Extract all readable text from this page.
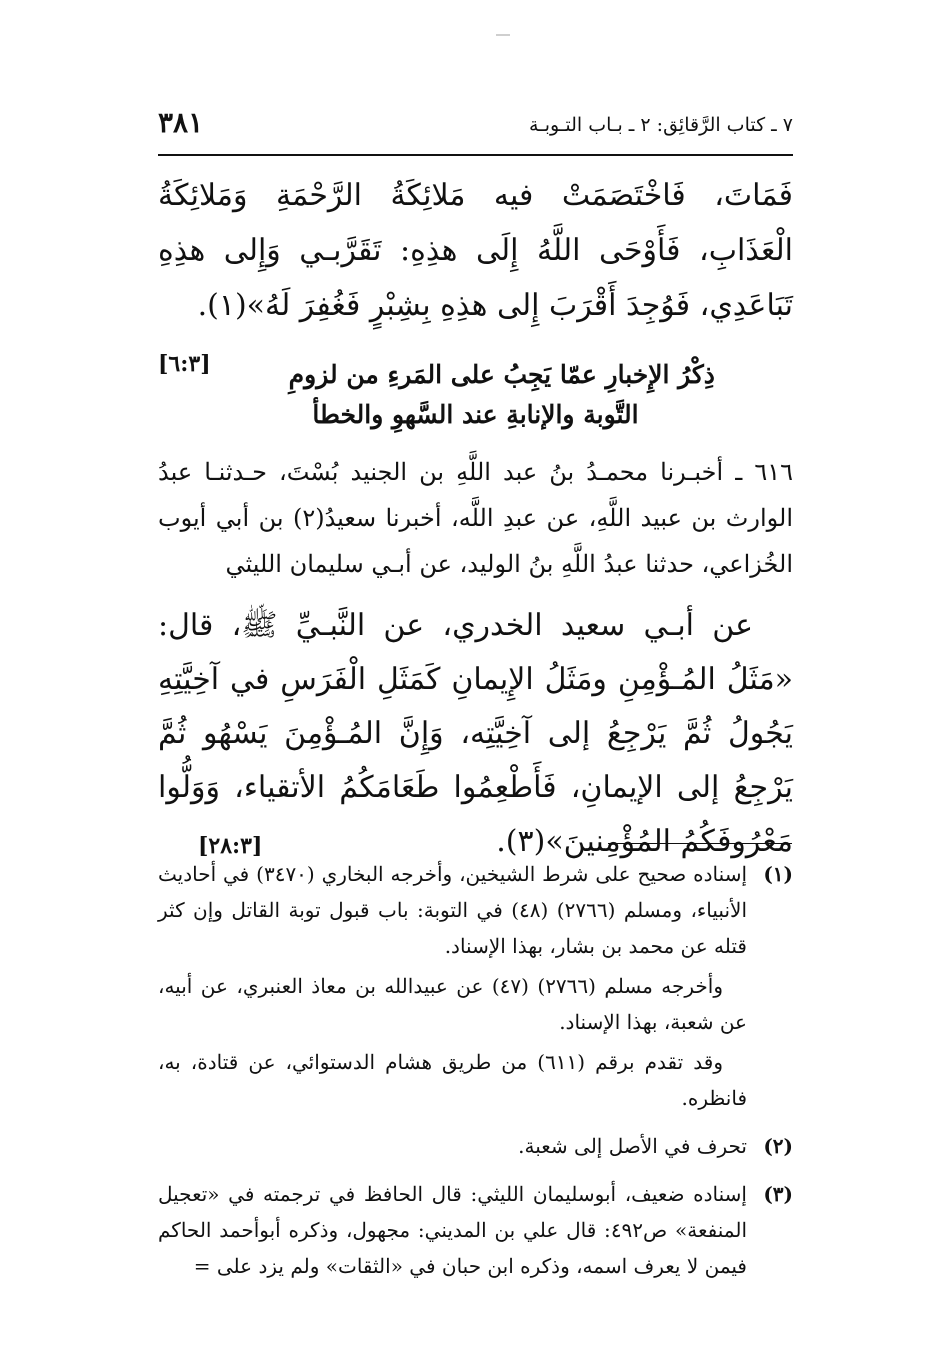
٧ ـ كتاب الرَّقائِق: ٢ ـ بـاب التـوبـة
٣٨١

فَمَاتَ، فَاخْتَصَمَتْ فيه مَلائِكَةُ الرَّحْمَةِ وَمَلائِكَةُ الْعَذَابِ، فَأَوْحَى اللَّهُ إِلَى هذِهِ: تَقَرَّبـي وَإِلى هذِهِ تَبَاعَدِي، فَوُجِدَ أَقْرَبَ إِلى هذِهِ بِشِبْرٍ فَغُفِرَ لَهُ»(١).
[٦:٣]	ذِكْرُ الإِخبارِ عمّا يَجِبُ على المَرءِ من لزومِ
التَّوبة والإنابةِ عند السَّهوِ والخطأ

٦١٦ ـ أخبـرنا محمـدُ بنُ عبد اللَّهِ بن الجنيد بُسْتَ، حـدثنـا عبدُ الوارث بن عبيد اللَّهِ، عن عبدِ اللَّه، أخبرنا سعيدُ(٢) بن أبي أيوب الخُزاعي، حدثنا عبدُ اللَّهِ بنُ الوليد، عن أبـي سليمان الليثي

عن أبـي سعيد الخدري، عن النَّبـيِّ ﷺ، قال: «مَثَلُ المُـؤْمِنِ ومَثَلُ الإِيمانِ كَمَثَلِ الْفَرَسِ في آخِيَّتِهِ يَجُولُ ثُمَّ يَرْجِعُ إلى آخِيَّتِه، وَإِنَّ المُـؤْمِنَ يَسْهُو ثُمَّ يَرْجِعُ إلى الإيمانِ، فَأَطْعِمُوا طَعَامَكُمُ الأتقياء، وَوَلُّوا مَعْرُوفَكُمُ المُؤْمِنينَ»(٣).
[٢٨:٣]

(١)

إسناده صحيح على شرط الشيخين، وأخرجه البخاري (٣٤٧٠) في أحاديث الأنبياء، ومسلم (٢٧٦٦) (٤٨) في التوبة: باب قبول توبة القاتل وإن كثر قتله عن محمد بن بشار، بهذا الإسناد.

وأخرجه مسلم (٢٧٦٦) (٤٧) عن عبيدالله بن معاذ العنبري، عن أبيه، عن شعبة، بهذا الإسناد.

وقد تقدم برقم (٦١١) من طريق هشام الدستوائي، عن قتادة، به، فانظره.

(٢)

تحرف في الأصل إلى شعبة.

(٣)

إسناده ضعيف، أبوسليمان الليثي: قال الحافظ في ترجمته في «تعجيل المنفعة» ص٤٩٢: قال علي بن المديني: مجهول، وذكره أبوأحمد الحاكم فيمن لا يعرف اسمه، وذكره ابن حبان في «الثقات» ولم يزد على =
